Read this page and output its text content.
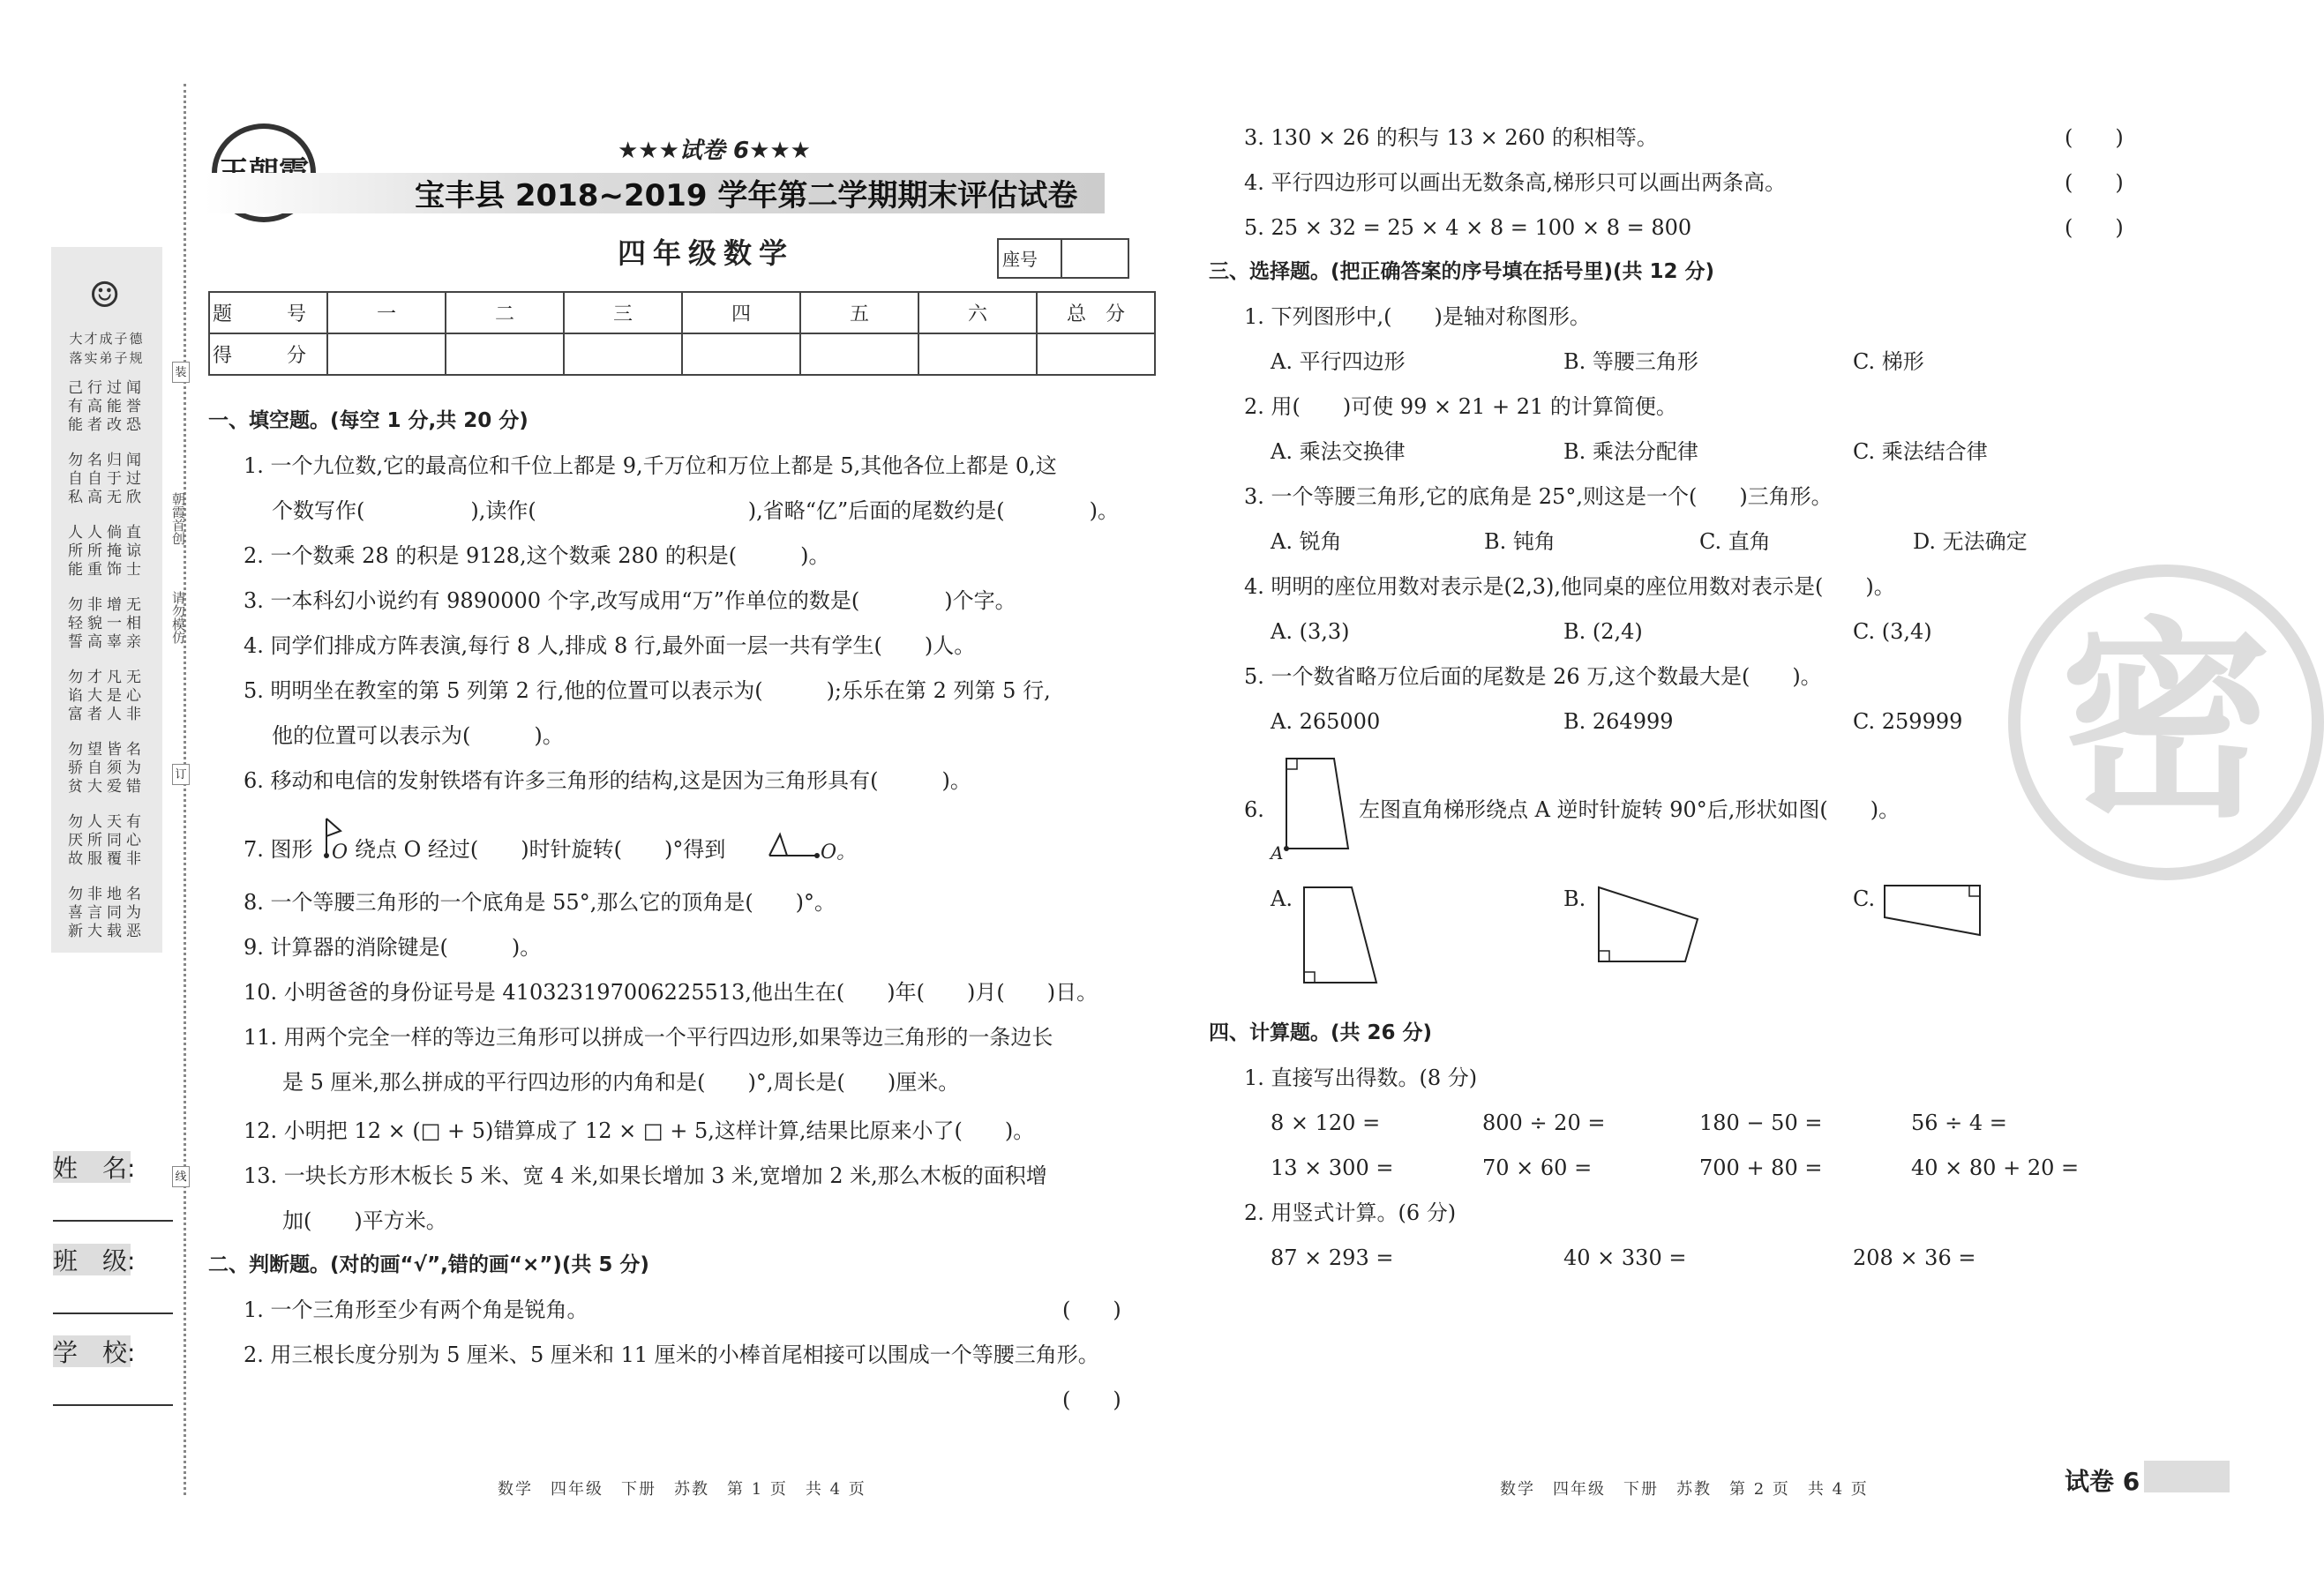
☺
大才成子德
落实弟子规
己行过闻
有高能誉
能者改恐
勿名归闻
自自于过
私高无欣
人人倘直
所所掩谅
能重饰士
勿非增无
轻貌一相
誓高辜亲
勿才凡无
谄大是心
富者人非
勿望皆名
骄自须为
贫大爱错
勿人天有
厌所同心
故服覆非
勿非地名
喜言同为
新大载恶
装
订
线
朝霞首创
请勿模仿
姓　名:
班　级:
学　校:
★★★试卷 6★★★
宝丰县 2018~2019 学年第二学期期末评估试卷
四年级数学	座号
题　号	一	二	三	四	五	六	总　分
得　分							
一、填空题。(每空 1 分,共 20 分)
1. 一个九位数,它的最高位和千位上都是 9,千万位和万位上都是 5,其他各位上都是 0,这
个数写作(　　　　　),读作(　　　　　　　　　　),省略“亿”后面的尾数约是(　　　　)。
2. 一个数乘 28 的积是 9128,这个数乘 280 的积是(　　　)。
3. 一本科幻小说约有 9890000 个字,改写成用“万”作单位的数是(　　　　)个字。
4. 同学们排成方阵表演,每行 8 人,排成 8 行,最外面一层一共有学生(　　)人。
5. 明明坐在教室的第 5 列第 2 行,他的位置可以表示为(　　　);乐乐在第 2 列第 5 行,
他的位置可以表示为(　　　)。
6. 移动和电信的发射铁塔有许多三角形的结构,这是因为三角形具有(　　　)。
7. 图形 O 绕点 O 经过(　　)时针旋转(　　)°得到	O。
8. 一个等腰三角形的一个底角是 55°,那么它的顶角是(　　)°。
9. 计算器的消除键是(　　　)。
10. 小明爸爸的身份证号是 410323197006225513,他出生在(　　)年(　　)月(　　)日。
11. 用两个完全一样的等边三角形可以拼成一个平行四边形,如果等边三角形的一条边长
是 5 厘米,那么拼成的平行四边形的内角和是(　　)°,周长是(　　)厘米。
12. 小明把 12 × (□ + 5)错算成了 12 × □ + 5,这样计算,结果比原来小了(　　)。
13. 一块长方形木板长 5 米、宽 4 米,如果长增加 3 米,宽增加 2 米,那么木板的面积增
加(　　)平方米。
二、判断题。(对的画“√”,错的画“×”)(共 5 分)
1. 一个三角形至少有两个角是锐角。	(　　)
2. 用三根长度分别为 5 厘米、5 厘米和 11 厘米的小棒首尾相接可以围成一个等腰三角形。
(　　)
数学　四年级　下册　苏教　第 1 页　共 4 页
密
3. 130 × 26 的积与 13 × 260 的积相等。	(　　)
4. 平行四边形可以画出无数条高,梯形只可以画出两条高。	(　　)
5. 25 × 32 = 25 × 4 × 8 = 100 × 8 = 800	(　　)
三、选择题。(把正确答案的序号填在括号里)(共 12 分)
1. 下列图形中,(　　)是轴对称图形。
A. 平行四边形	B. 等腰三角形	C. 梯形
2. 用(　　)可使 99 × 21 + 21 的计算简便。
A. 乘法交换律	B. 乘法分配律	C. 乘法结合律
3. 一个等腰三角形,它的底角是 25°,则这是一个(　　)三角形。
A. 锐角	B. 钝角	C. 直角	D. 无法确定
4. 明明的座位用数对表示是(2,3),他同桌的座位用数对表示是(　　)。
A. (3,3)	B. (2,4)	C. (3,4)
5. 一个数省略万位后面的尾数是 26 万,这个数最大是(　　)。
A. 265000	B. 264999	C. 259999
6.
A
左图直角梯形绕点 A 逆时针旋转 90°后,形状如图(　　)。
A.	B.	C.
四、计算题。(共 26 分)
1. 直接写出得数。(8 分)
8 × 120 =	800 ÷ 20 =	180 − 50 =	56 ÷ 4 =
13 × 300 =	70 × 60 =	700 + 80 =	40 × 80 + 20 =
2. 用竖式计算。(6 分)
87 × 293 =	40 × 330 =	208 × 36 =
数学　四年级　下册　苏教　第 2 页　共 4 页	试卷 6
